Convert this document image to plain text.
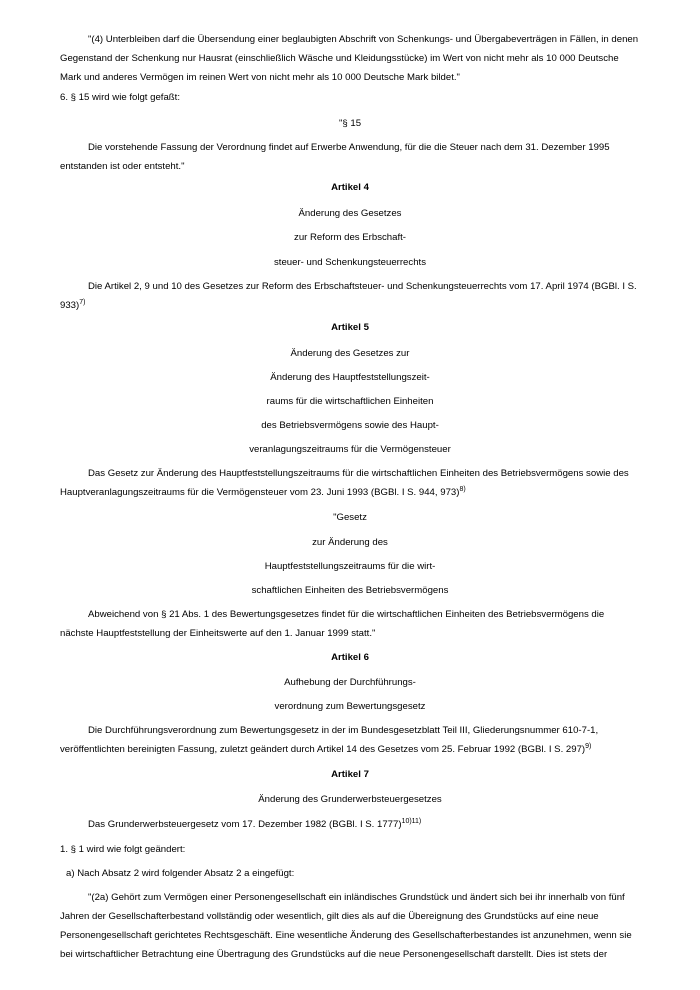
"(4) Unterbleiben darf die Übersendung einer beglaubigten Abschrift von Schenkungs- und Übergabeverträgen in Fällen, in denen Gegenstand der Schenkung nur Hausrat (einschließlich Wäsche und Kleidungsstücke) im Wert von nicht mehr als 10 000 Deutsche Mark und anderes Vermögen im reinen Wert von nicht mehr als 10 000 Deutsche Mark bildet."

6. § 15 wird wie folgt gefaßt:

"§ 15

Die vorstehende Fassung der Verordnung findet auf Erwerbe Anwendung, für die die Steuer nach dem 31. Dezember 1995 entstanden ist oder entsteht."

Artikel 4

Änderung des Gesetzes

zur Reform des Erbschaft-

steuer- und Schenkungsteuerrechts

Die Artikel 2, 9 und 10 des Gesetzes zur Reform des Erbschaftsteuer- und Schenkungsteuerrechts vom 17. April 1974 (BGBl. I S. 933)$^{7)}$

Artikel 5

Änderung des Gesetzes zur

Änderung des Hauptfeststellungszeit-

raums für die wirtschaftlichen Einheiten

des Betriebsvermögens sowie des Haupt-

veranlagungszeitraums für die Vermögensteuer

Das Gesetz zur Änderung des Hauptfeststellungszeitraums für die wirtschaftlichen Einheiten des Betriebsvermögens sowie des Hauptveranlagungszeitraums für die Vermögensteuer vom 23. Juni 1993 (BGBl. I S. 944, 973)$^{8)}$

"Gesetz

zur Änderung des

Hauptfeststellungszeitraums für die wirt-

schaftlichen Einheiten des Betriebsvermögens

Abweichend von § 21 Abs. 1 des Bewertungsgesetzes findet für die wirtschaftlichen Einheiten des Betriebsvermögens die nächste Hauptfeststellung der Einheitswerte auf den 1. Januar 1999 statt."

Artikel 6

Aufhebung der Durchführungs-

verordnung zum Bewertungsgesetz

Die Durchführungsverordnung zum Bewertungsgesetz in der im Bundesgesetzblatt Teil III, Gliederungsnummer 610-7-1, veröffentlichten bereinigten Fassung, zuletzt geändert durch Artikel 14 des Gesetzes vom 25. Februar 1992 (BGBl. I S. 297)$^{9)}$

Artikel 7

Änderung des Grunderwerbsteuergesetzes

Das Grunderwerbsteuergesetz vom 17. Dezember 1982 (BGBl. I S. 1777)$^{10)11)}$

1. § 1 wird wie folgt geändert:

a) Nach Absatz 2 wird folgender Absatz 2 a eingefügt:

"(2a) Gehört zum Vermögen einer Personengesellschaft ein inländisches Grundstück und ändert sich bei ihr innerhalb von fünf Jahren der Gesellschafterbestand vollständig oder wesentlich, gilt dies als auf die Übereignung des Grundstücks auf eine neue Personengesellschaft gerichtetes Rechtsgeschäft. Eine wesentliche Änderung des Gesellschafterbestandes ist anzunehmen, wenn sie bei wirtschaftlicher Betrachtung eine Übertragung des Grundstücks auf die neue Personengesellschaft darstellt. Dies ist stets der
